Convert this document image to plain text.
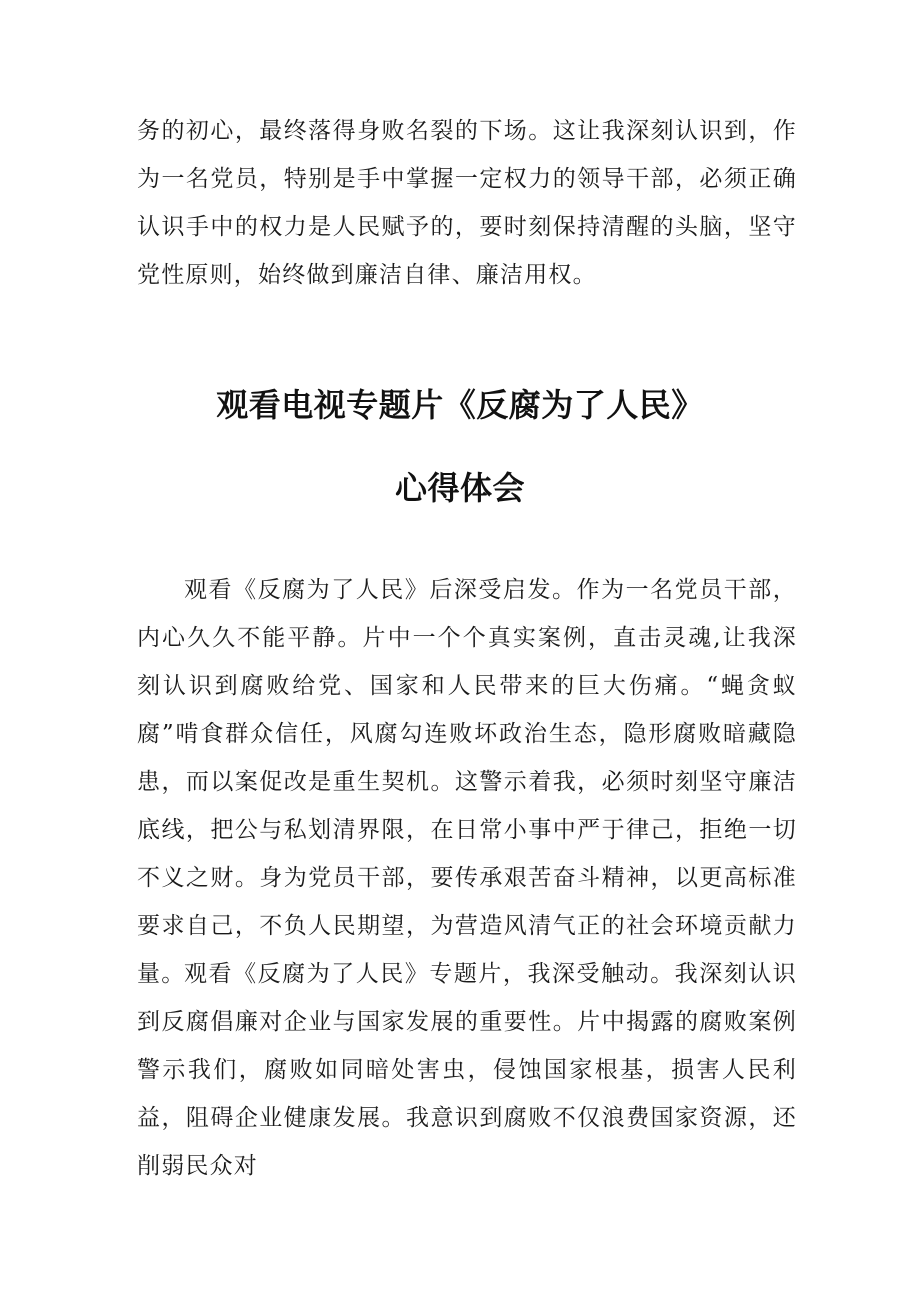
务的初心，最终落得身败名裂的下场。这让我深刻认识到，作为一名党员，特别是手中掌握一定权力的领导干部，必须正确认识手中的权力是人民赋予的，要时刻保持清醒的头脑，坚守党性原则，始终做到廉洁自律、廉洁用权。

观看电视专题片《反腐为了人民》
心得体会

观看《反腐为了人民》后深受启发。作为一名党员干部，内心久久不能平静。片中一个个真实案例，直击灵魂,让我深刻认识到腐败给党、国家和人民带来的巨大伤痛。“蝇贪蚁腐”啃食群众信任，风腐勾连败坏政治生态，隐形腐败暗藏隐患，而以案促改是重生契机。这警示着我，必须时刻坚守廉洁底线，把公与私划清界限，在日常小事中严于律己，拒绝一切不义之财。身为党员干部，要传承艰苦奋斗精神，以更高标准要求自己，不负人民期望，为营造风清气正的社会环境贡献力量。

观看《反腐为了人民》专题片，我深受触动。我深刻认识到反腐倡廉对企业与国家发展的重要性。片中揭露的腐败案例警示我们，腐败如同暗处害虫，侵蚀国家根基，损害人民利益，阻碍企业健康发展。我意识到腐败不仅浪费国家资源，还削弱民众对
